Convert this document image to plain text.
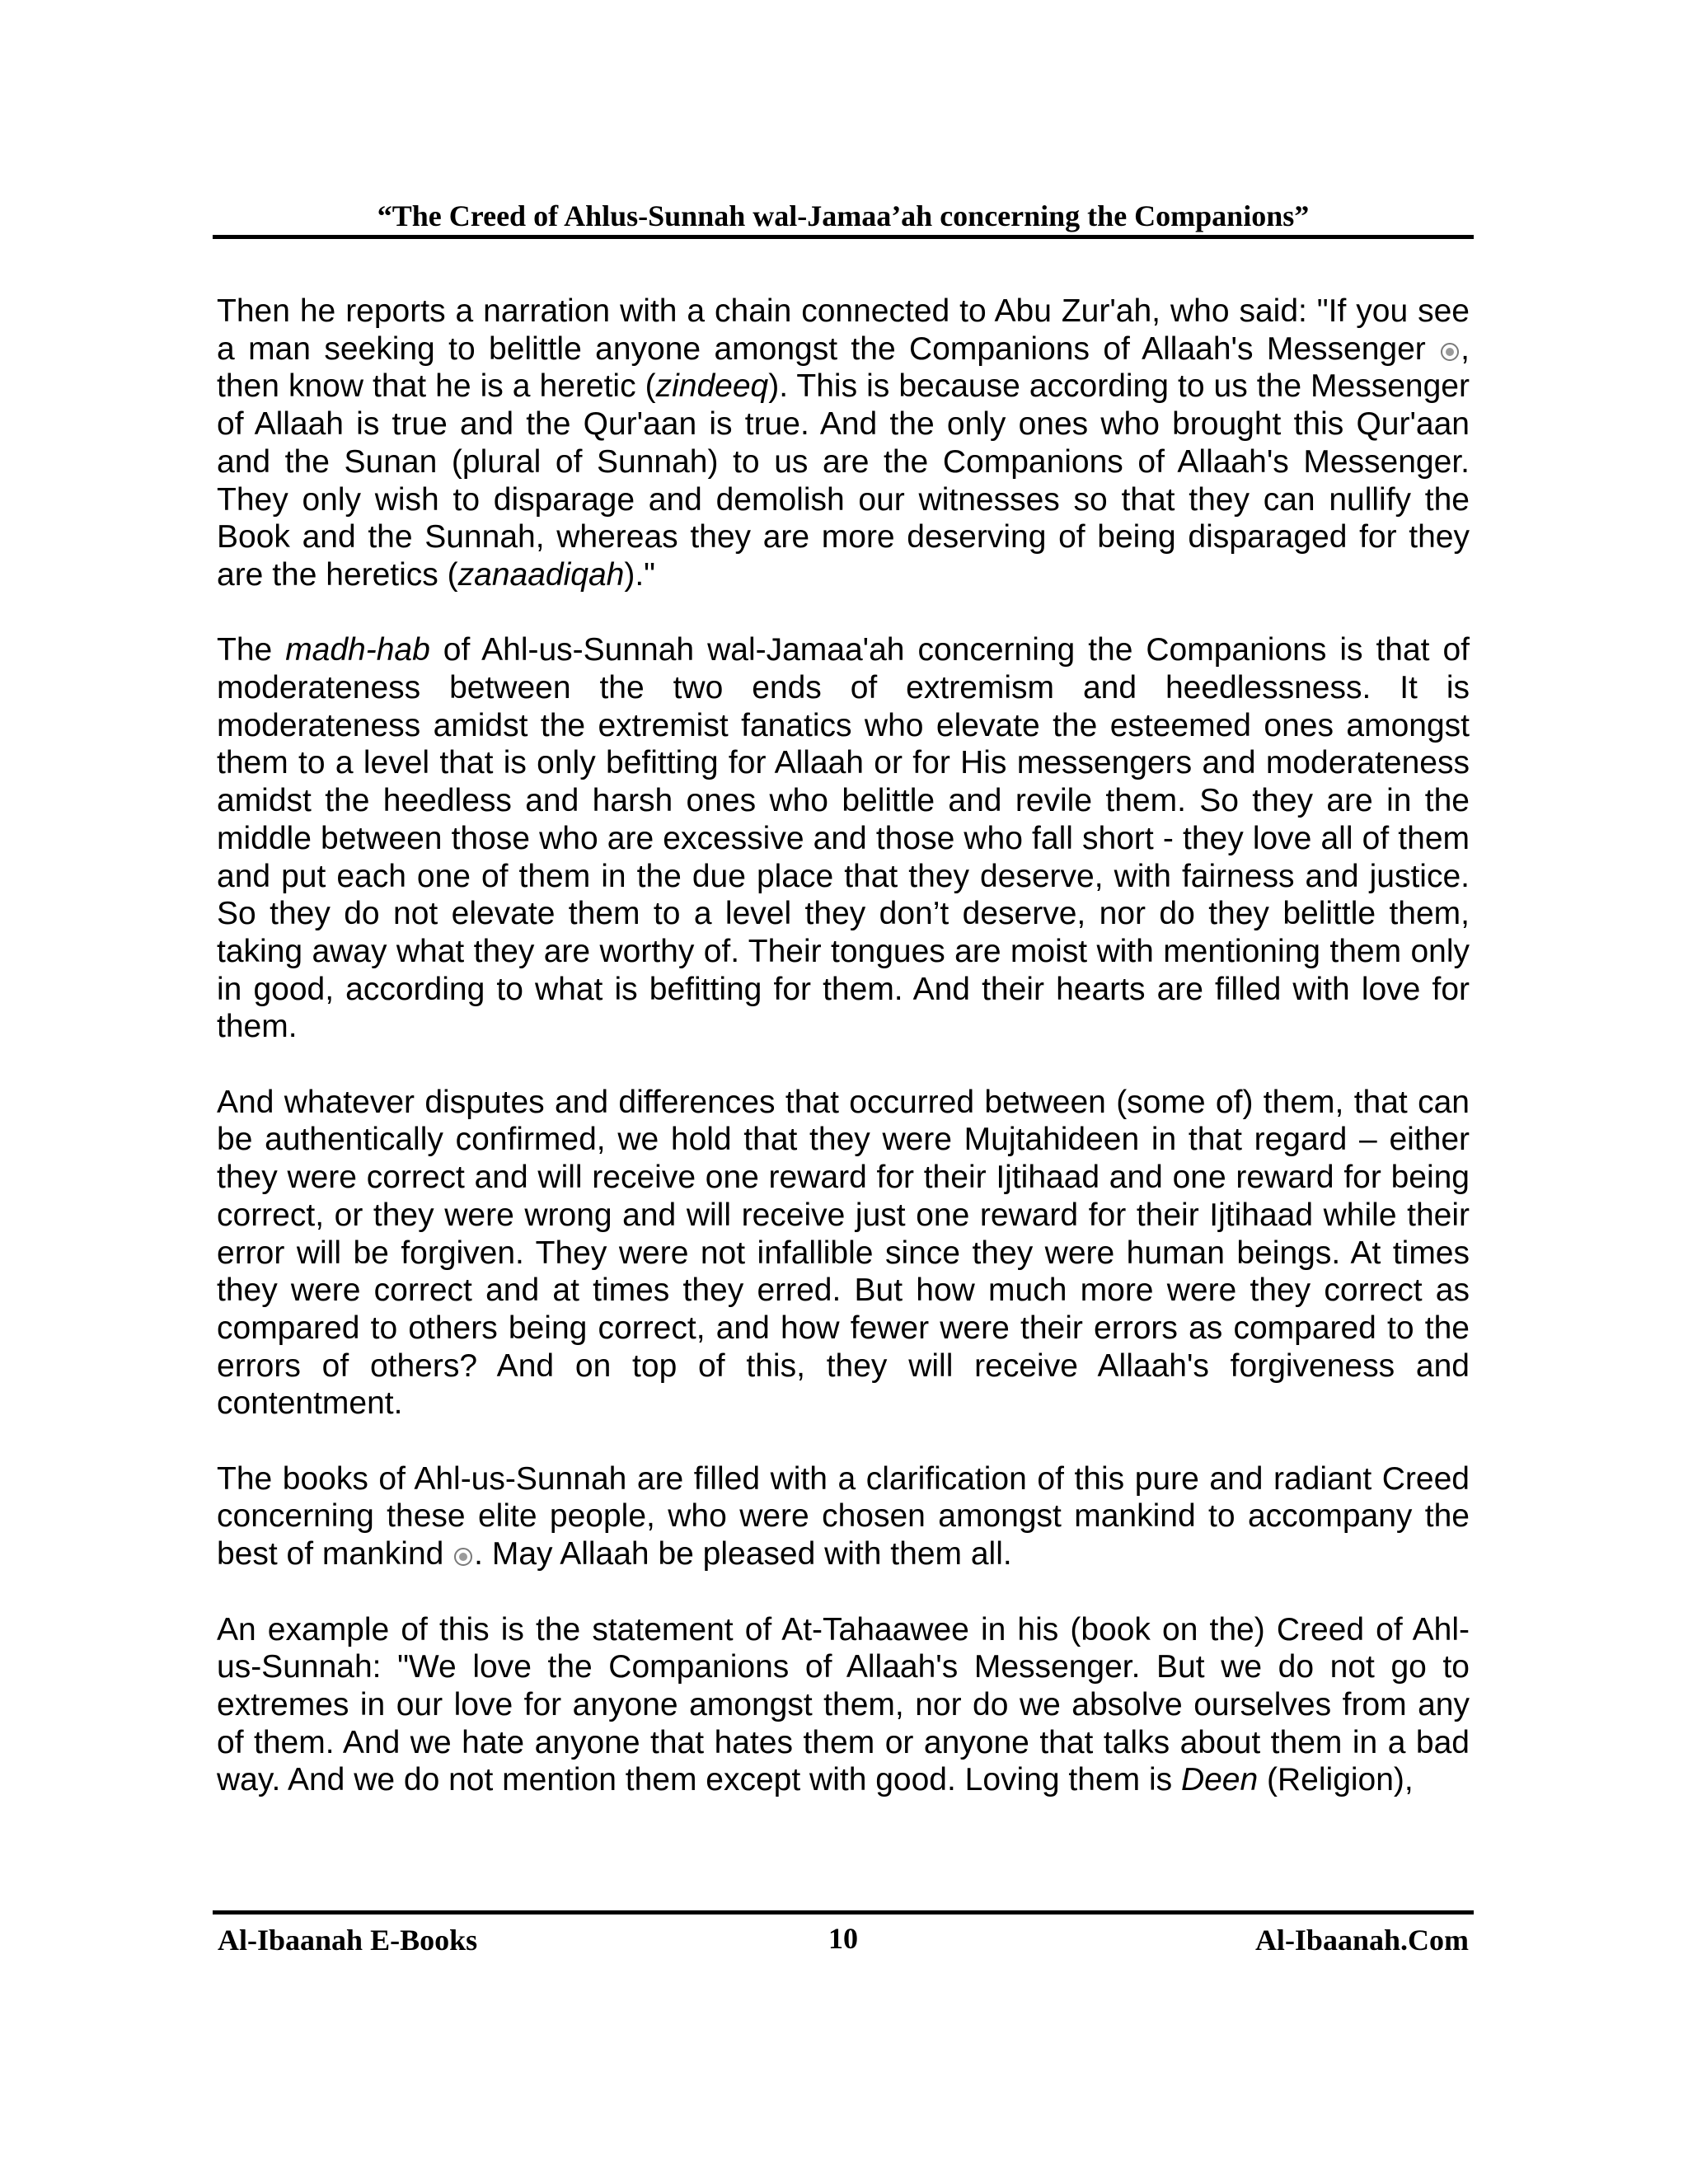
“The Creed of Ahlus-Sunnah wal-Jamaa’ah concerning the Companions”

Then he reports a narration with a chain connected to Abu Zur'ah, who said: "If you see a man seeking to belittle anyone amongst the Companions of Allaah's Messenger , then know that he is a heretic (zindeeq). This is because according to us the Messenger of Allaah is true and the Qur'aan is true. And the only ones who brought this Qur'aan and the Sunan (plural of Sunnah) to us are the Companions of Allaah's Messenger. They only wish to disparage and demolish our witnesses so that they can nullify the Book and the Sunnah, whereas they are more deserving of being disparaged for they are the heretics (zanaadiqah)."

The madh-hab of Ahl-us-Sunnah wal-Jamaa'ah concerning the Companions is that of moderateness between the two ends of extremism and heedlessness. It is moderateness amidst the extremist fanatics who elevate the esteemed ones amongst them to a level that is only befitting for Allaah or for His messengers and moderateness amidst the heedless and harsh ones who belittle and revile them. So they are in the middle between those who are excessive and those who fall short - they love all of them and put each one of them in the due place that they deserve, with fairness and justice. So they do not elevate them to a level they don’t deserve, nor do they belittle them, taking away what they are worthy of. Their tongues are moist with mentioning them only in good, according to what is befitting for them. And their hearts are filled with love for them.

And whatever disputes and differences that occurred between (some of) them, that can be authentically confirmed, we hold that they were Mujtahideen in that regard – either they were correct and will receive one reward for their Ijtihaad and one reward for being correct, or they were wrong and will receive just one reward for their Ijtihaad while their error will be forgiven. They were not infallible since they were human beings. At times they were correct and at times they erred. But how much more were they correct as compared to others being correct, and how fewer were their errors as compared to the errors of others? And on top of this, they will receive Allaah's forgiveness and contentment.

The books of Ahl-us-Sunnah are filled with a clarification of this pure and radiant Creed concerning these elite people, who were chosen amongst mankind to accompany the best of mankind . May Allaah be pleased with them all.

An example of this is the statement of At-Tahaawee in his (book on the) Creed of Ahl-us-Sunnah: "We love the Companions of Allaah's Messenger. But we do not go to extremes in our love for anyone amongst them, nor do we absolve ourselves from any of them. And we hate anyone that hates them or anyone that talks about them in a bad way. And we do not mention them except with good. Loving them is Deen (Religion),

Al-Ibaanah E-Books	10	Al-Ibaanah.Com
